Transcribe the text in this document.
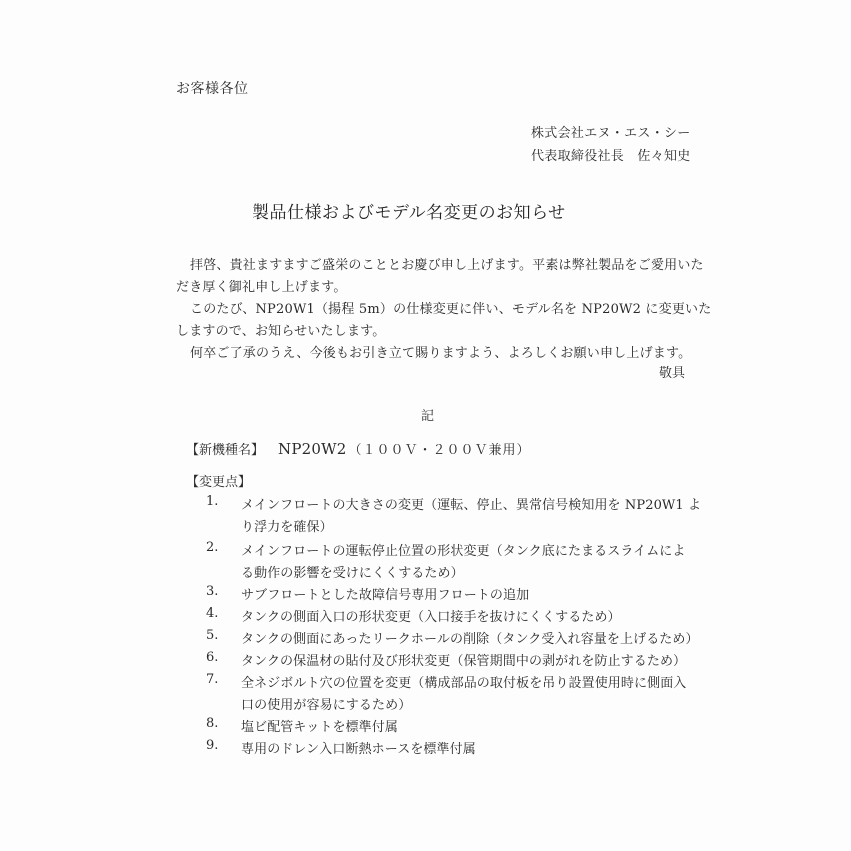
お客様各位
株式会社エヌ・エス・シー
代表取締役社長　佐々知史
製品仕様およびモデル名変更のお知らせ
拝啓、貴社ますますご盛栄のこととお慶び申し上げます。平素は弊社製品をご愛用いた
だき厚く御礼申し上げます。
このたび、NP20W1（揚程 5m）の仕様変更に伴い、モデル名を NP20W2 に変更いた
しますので、お知らせいたします。
何卒ご了承のうえ、今後もお引き立て賜りますよう、よろしくお願い申し上げます。
敬具
記
【新機種名】 NP20W2 （１００Ｖ・２００Ｖ兼用）
【変更点】
1.	メインフロートの大きさの変更（運転、停止、異常信号検知用を NP20W1 よ
り浮力を確保）
2.	メインフロートの運転停止位置の形状変更（タンク底にたまるスライムによ
る動作の影響を受けにくくするため）
3.	サブフロートとした故障信号専用フロートの追加
4.	タンクの側面入口の形状変更（入口接手を抜けにくくするため）
5.	タンクの側面にあったリークホールの削除（タンク受入れ容量を上げるため）
6.	タンクの保温材の貼付及び形状変更（保管期間中の剥がれを防止するため）
7.	全ネジボルト穴の位置を変更（構成部品の取付板を吊り設置使用時に側面入
口の使用が容易にするため）
8.	塩ビ配管キットを標準付属
9.	専用のドレン入口断熱ホースを標準付属
